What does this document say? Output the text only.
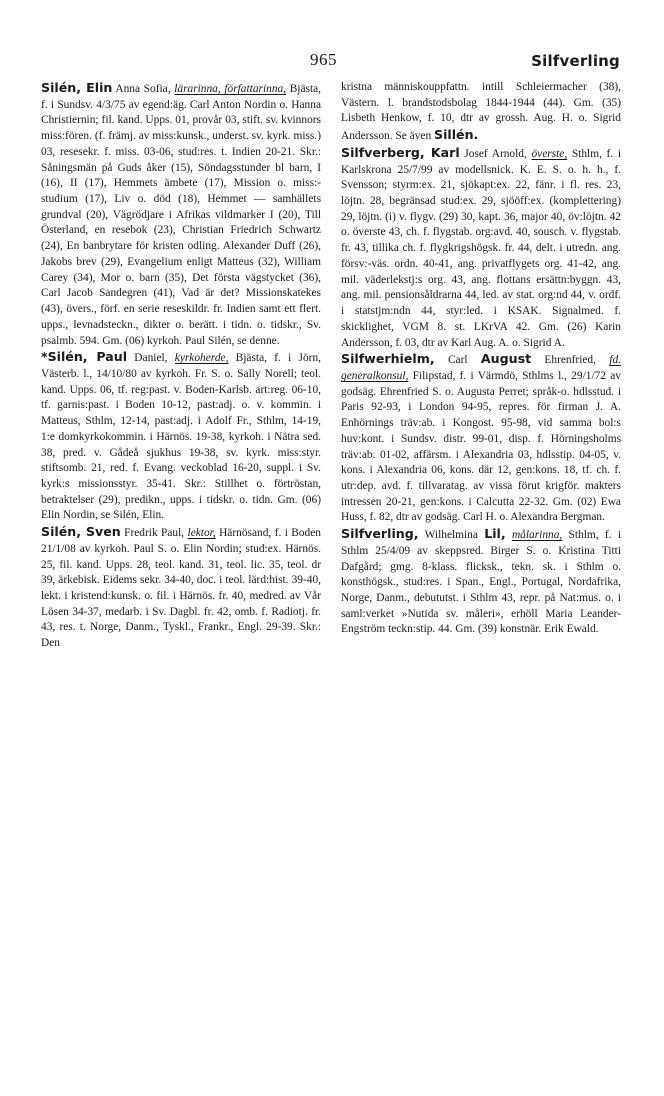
965	Silfverling

Silén, Elin Anna Sofia, lärarinna, författarinna, Bjästa, f. i Sundsv. 4/3/75 av egend:äg. Carl Anton Nordin o. Hanna Christiernin; fil. kand. Upps. 01, provår 03, stift. sv. kvinnors miss:fören. (f. främj. av miss:kunsk., underst. sv. kyrk. miss.) 03, resesekr. f. miss. 03-06, stud:res. t. Indien 20-21. Skr.: Såningsmän på Guds åker (15), Söndagsstunder bl barn, I (16), II (17), Hemmets ämbete (17), Mission o. miss:-studium (17), Liv o. död (18), Hemmet — samhällets grundval (20), Vägrödjare i Afrikas vildmarker I (20), Till Österland, en resebok (23), Christian Friedrich Schwartz (24), En banbrytare för kristen odling. Alexander Duff (26), Jakobs brev (29), Evangelium enligt Matteus (32), William Carey (34), Mor o. barn (35), Det första vägstycket (36), Carl Jacob Sandegren (41), Vad är det? Missionskatekes (43), övers., förf. en serie reseskildr. fr. Indien samt ett flert. upps., levnadsteckn., dikter o. berätt. i tidn. o. tidskr., Sv. psalmb. 594. Gm. (06) kyrkoh. Paul Silén, se denne.

*Silén, Paul Daniel, kyrkoherde, Bjästa, f. i Jörn, Västerb. l., 14/10/80 av kyrkoh. Fr. S. o. Sally Norell; teol. kand. Upps. 06, tf. reg:past. v. Boden-Karlsb. art:reg. 06-10, tf. garnis:past. i Boden 10-12, past:adj. o. v. kommin. i Matteus, Sthlm, 12-14, past:adj. i Adolf Fr., Sthlm, 14-19, 1:e domkyrkokommin. i Härnös. 19-38, kyrkoh. i Nätra sed. 38, pred. v. Gådeå sjukhus 19-38, sv. kyrk. miss:styr. stiftsomb. 21, red. f. Evang. veckoblad 16-20, suppl. i Sv. kyrk:s missionsstyr. 35-41. Skr.: Stillhet o. förtröstan, betraktelser (29), predikn., upps. i tidskr. o. tidn. Gm. (06) Elin Nordin, se Silén, Elin.

Silén, Sven Fredrik Paul, lektor, Härnösand, f. i Boden 21/1/08 av kyrkoh. Paul S. o. Elin Nordin; stud:ex. Härnös. 25, fil. kand. Upps. 28, teol. kand. 31, teol. lic. 35, teol. dr 39, ärkebisk. Eidems sekr. 34-40, doc. i teol. lärd:hist. 39-40, lekt. i kristend:kunsk. o. fil. i Härnös. fr. 40, medred. av Vår Lösen 34-37, medarb. i Sv. Dagbl. fr. 42, omb. f. Radiotj. fr. 43, res. t. Norge, Danm., Tyskl., Frankr., Engl. 29-39. Skr.: Den

kristna människouppfattn. intill Schleiermacher (38), Västern. l. brandstodsbolag 1844-1944 (44). Gm. (35) Lisbeth Henkow, f. 10, dtr av grossh. Aug. H. o. Sigrid Andersson. Se även Sillén.

Silfverberg, Karl Josef Arnold, överste, Sthlm, f. i Karlskrona 25/7/99 av modellsnick. K. E. S. o. h. h., f. Svensson; styrm:ex. 21, sjökapt:ex. 22, fänr. i fl. res. 23, löjtn. 28, begränsad stud:ex. 29, sjööff:ex. (komplettering) 29, löjtn. (i) v. flygv. (29) 30, kapt. 36, major 40, öv:löjtn. 42 o. överste 43, ch. f. flygstab. org:avd. 40, sousch. v. flygstab. fr. 43, tillika ch. f. flygkrigshögsk. fr. 44, delt. i utredn. ang. försv:-väs. ordn. 40-41, ang. privatflygets org. 41-42, ang. mil. väderlekstj:s org. 43, ang. flottans ersättn:byggn. 43, ang. mil. pensionsåldrarna 44, led. av stat. org:nd 44, v. ordf. i statstjm:ndn 44, styr:led. i KSAK. Signalmed. f. skicklighet, VGM 8. st. LKrVA 42. Gm. (26) Karin Andersson, f. 03, dtr av Karl Aug. A. o. Sigrid A.

Silfwerhielm, Carl August Ehrenfried, fd. generalkonsul, Filipstad, f. i Värmdö, Sthlms l., 29/1/72 av godsäg. Ehrenfried S. o. Augusta Perret; språk-o. hdlsstud. i Paris 92-93, i London 94-95, repres. för firman J. A. Enhörnings träv:ab. i Kongost. 95-98, vid samma bol:s huv:kont. i Sundsv. distr. 99-01, disp. f. Hörningsholms träv:ab. 01-02, affärsm. i Alexandria 03, hdlsstip. 04-05, v. kons. i Alexandria 06, kons. där 12, gen:kons. 18, tf. ch. f. utr:dep. avd. f. tillvaratag. av vissa förut krigför. makters intressen 20-21, gen:kons. i Calcutta 22-32. Gm. (02) Ewa Huss, f. 82, dtr av godsäg. Carl H. o. Alexandra Bergman.

Silfverling, Wilhelmina Lil, målarinna, Sthlm, f. i Sthlm 25/4/09 av skeppsred. Birger S. o. Kristina Titti Dafgård; gmg. 8-klass. flicksk., tekn. sk. i Sthlm o. konsthögsk., stud:res. i Span., Engl., Portugal, Nordafrika, Norge, Danm., debututst. i Sthlm 43, repr. på Nat:mus. o. i saml:verket »Nutida sv. måleri», erhöll Maria Leander-Engström teckn:stip. 44. Gm. (39) konstnär. Erik Ewald.
